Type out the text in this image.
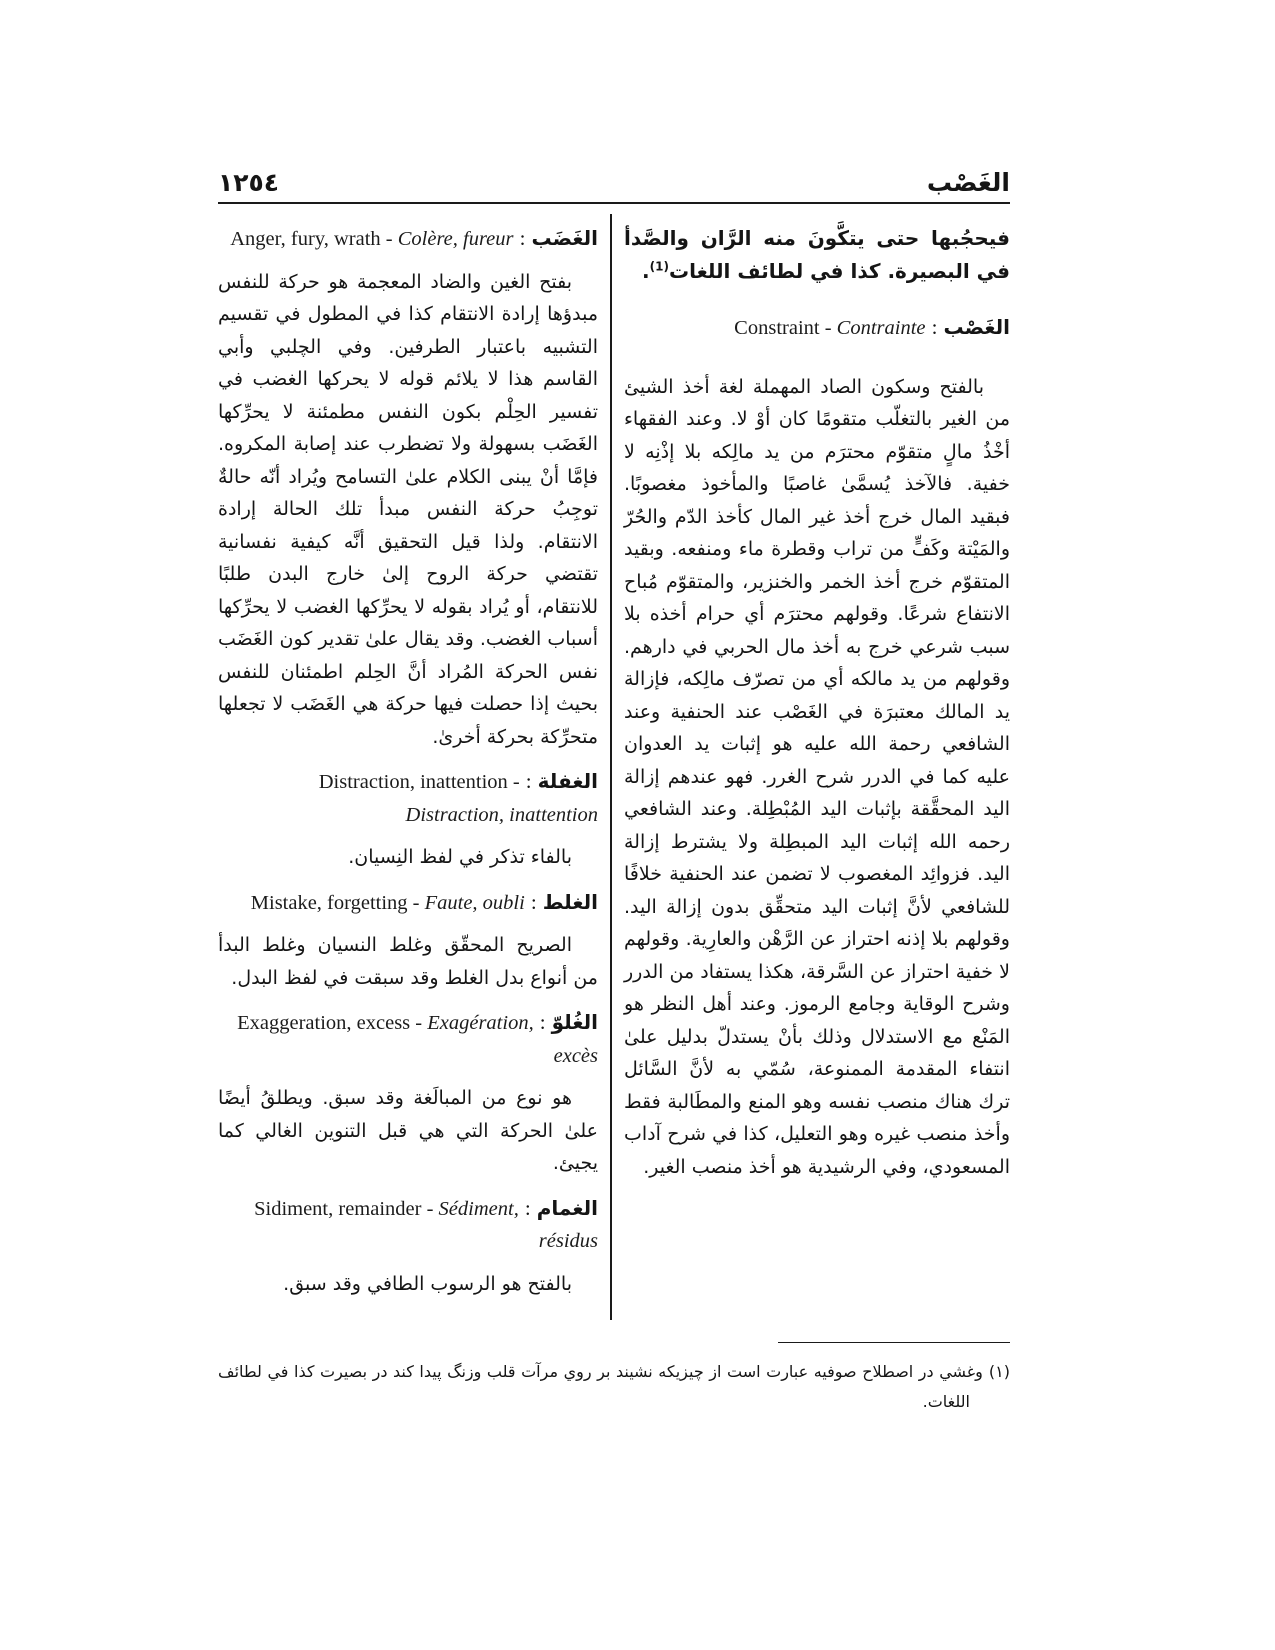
الغَصْب
١٢٥٤

فيحجُبها حتى يتكَّونَ منه الرَّان والصَّدأ في البصيرة. كذا في لطائف اللغات$^{(1)}$.

الغَصْب : Constraint - Contrainte

بالفتح وسكون الصاد المهملة لغة أخذ الشيئ من الغير بالتغلّب متقومًا كان أوْ لا. وعند الفقهاء أخْذُ مالٍ متقوّم محترَم من يد مالِكه بلا إذْنِه لا خفية. فالآخذ يُسمَّىٰ غاصبًا والمأخوذ مغصوبًا. فبقيد المال خرج أخذ غير المال كأخذ الدّم والحُرّ والمَيْتة وكَفٍّ من تراب وقطرة ماء ومنفعه. وبقيد المتقوّم خرج أخذ الخمر والخنزير، والمتقوّم مُباح الانتفاع شرعًا. وقولهم محترَم أي حرام أخذه بلا سبب شرعي خرج به أخذ مال الحربي في دارهم. وقولهم من يد مالكه أي من تصرّف مالِكه، فإزالة يد المالك معتبرَة في الغَصْب عند الحنفية وعند الشافعي رحمة الله عليه هو إثبات يد العدوان عليه كما في الدرر شرح الغرر. فهو عندهم إزالة اليد المحقَّقة بإثبات اليد المُبْطِلة. وعند الشافعي رحمه الله إثبات اليد المبطِلة ولا يشترط إزالة اليد. فزوائِد المغصوب لا تضمن عند الحنفية خلافًا للشافعي لأنَّ إثبات اليد متحقِّق بدون إزالة اليد. وقولهم بلا إذنه احتراز عن الرَّهْن والعارِية. وقولهم لا خفية احتراز عن السَّرقة، هكذا يستفاد من الدرر وشرح الوقاية وجامع الرموز. وعند أهل النظر هو المَنْع مع الاستدلال وذلك بأنْ يستدلّ بدليل علىٰ انتفاء المقدمة الممنوعة، سُمّي به لأنَّ السَّائل ترك هناك منصب نفسه وهو المنع والمطَالبة فقط وأخذ منصب غيره وهو التعليل، كذا في شرح آداب المسعودي، وفي الرشيدية هو أخذ منصب الغير.

الغَضَب : Anger, fury, wrath - Colère, fureur

بفتح الغين والضاد المعجمة هو حركة للنفس مبدؤها إرادة الانتقام كذا في المطول في تقسيم التشبيه باعتبار الطرفين. وفي الچلبي وأبي القاسم هذا لا يلائم قوله لا يحركها الغضب في تفسير الحِلْم بكون النفس مطمئنة لا يحرِّكها الغَضَب بسهولة ولا تضطرب عند إصابة المكروه. فإمَّا أنْ يبنى الكلام علىٰ التسامح ويُراد أنّه حالةٌ توجِبُ حركة النفس مبدأ تلك الحالة إرادة الانتقام. ولذا قيل التحقيق أنَّه كيفية نفسانية تقتضي حركة الروح إلىٰ خارج البدن طلبًا للانتقام، أو يُراد بقوله لا يحرِّكها الغضب لا يحرِّكها أسباب الغضب. وقد يقال علىٰ تقدير كون الغَضَب نفس الحركة المُراد أنَّ الحِلم اطمئنان للنفس بحيث إذا حصلت فيها حركة هي الغَضَب لا تجعلها متحرِّكة بحركة أخرىٰ.

الغفلة : Distraction, inattention - Distraction, inattention

بالفاء تذكر في لفظ النِسيان.

الغلط : Mistake, forgetting - Faute, oubli

الصريح المحقّق وغلط النسيان وغلط البدأ من أنواع بدل الغلط وقد سبقت في لفظ البدل.

الغُلوّ : Exaggeration, excess - Exagération, excès

هو نوع من المبالَغة وقد سبق. ويطلقُ أيضًا علىٰ الحركة التي هي قبل التنوين الغالي كما يجيئ.

الغمام : Sidiment, remainder - Sédiment, résidus

بالفتح هو الرسوب الطافي وقد سبق.

(١)وغشي در اصطلاح صوفيه عبارت است از چيزيكه نشيند بر روي مرآت قلب وزنگ پيدا كند در بصيرت كذا في لطائف اللغات.
